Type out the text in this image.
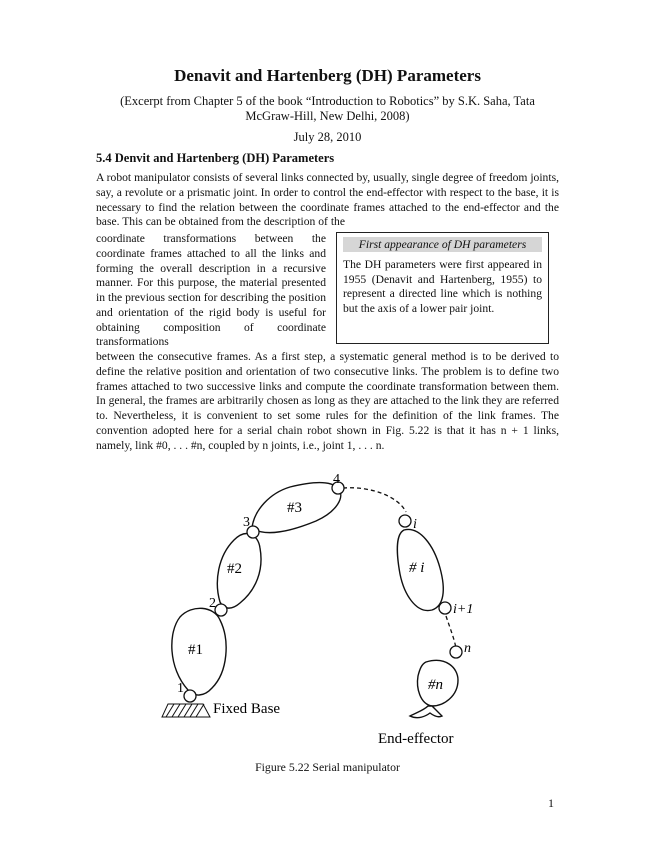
Denavit and Hartenberg (DH) Parameters
(Excerpt from Chapter 5 of the book “Introduction to Robotics” by S.K. Saha, Tata McGraw-Hill, New Delhi, 2008)
July 28, 2010
5.4 Denvit and Hartenberg (DH) Parameters

A robot manipulator consists of several links connected by, usually, single degree of freedom joints, say, a revolute or a prismatic joint. In order to control the end-effector with respect to the base, it is necessary to find the relation between the coordinate frames attached to the end-effector and the base. This can be obtained from the description of the

coordinate transformations between the coordinate frames attached to all the links and forming the overall description in a recursive manner. For this purpose, the material presented in the previous section for describing the position and orientation of the rigid body is useful for obtaining composition of coordinate transformations

First appearance of DH parameters

The DH parameters were first appeared in 1955 (Denavit and Hartenberg, 1955) to represent a directed line which is nothing but the axis of a lower pair joint.

between the consecutive frames. As a first step, a systematic general method is to be derived to define the relative position and orientation of two consecutive links. The problem is to define two frames attached to two successive links and compute the coordinate transformation between them. In general, the frames are arbitrarily chosen as long as they are attached to the link they are referred to. Nevertheless, it is convenient to set some rules for the definition of the link frames. The convention adopted here for a serial chain robot shown in Fig. 5.22 is that it has n + 1 links, namely, link #0, . . . #n, coupled by n joints, i.e., joint 1, . . . n.

#1
#2
#3
# i
#n
1
2
3
4
i
i+1
n
Fixed Base
End-effector
Figure 5.22 Serial manipulator
1
